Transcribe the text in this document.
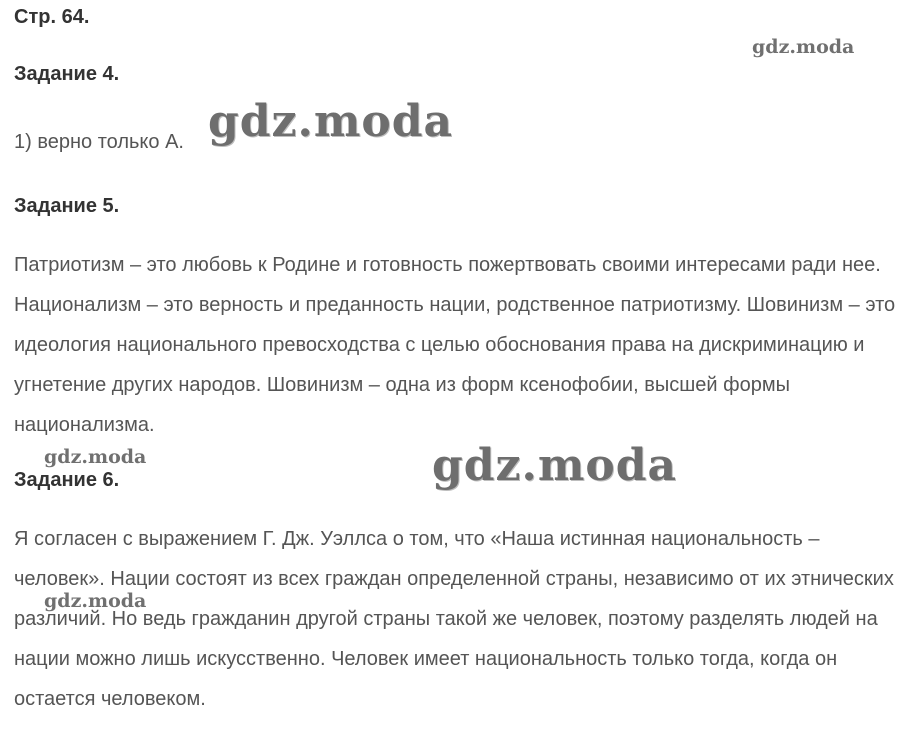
Стр. 64.
Задание 4.

1) верно только А.

Задание 5.

Патриотизм – это любовь к Родине и готовность пожертвовать своими интересами ради нее. Национализм – это верность и преданность нации, родственное патриотизму. Шовинизм – это идеология национального превосходства с целью обоснования права на дискриминацию и угнетение других народов. Шовинизм – одна из форм ксенофобии, высшей формы национализма.

Задание 6.

Я согласен с выражением Г. Дж. Уэллса о том, что «Наша истинная национальность – человек». Нации состоят из всех граждан определенной страны, независимо от их этнических различий. Но ведь гражданин другой страны такой же человек, поэтому разделять людей на нации можно лишь искусственно. Человек имеет национальность только тогда, когда он остается человеком.

gdz.moda
gdz.moda
gdz.moda	gdz.moda
gdz.moda
